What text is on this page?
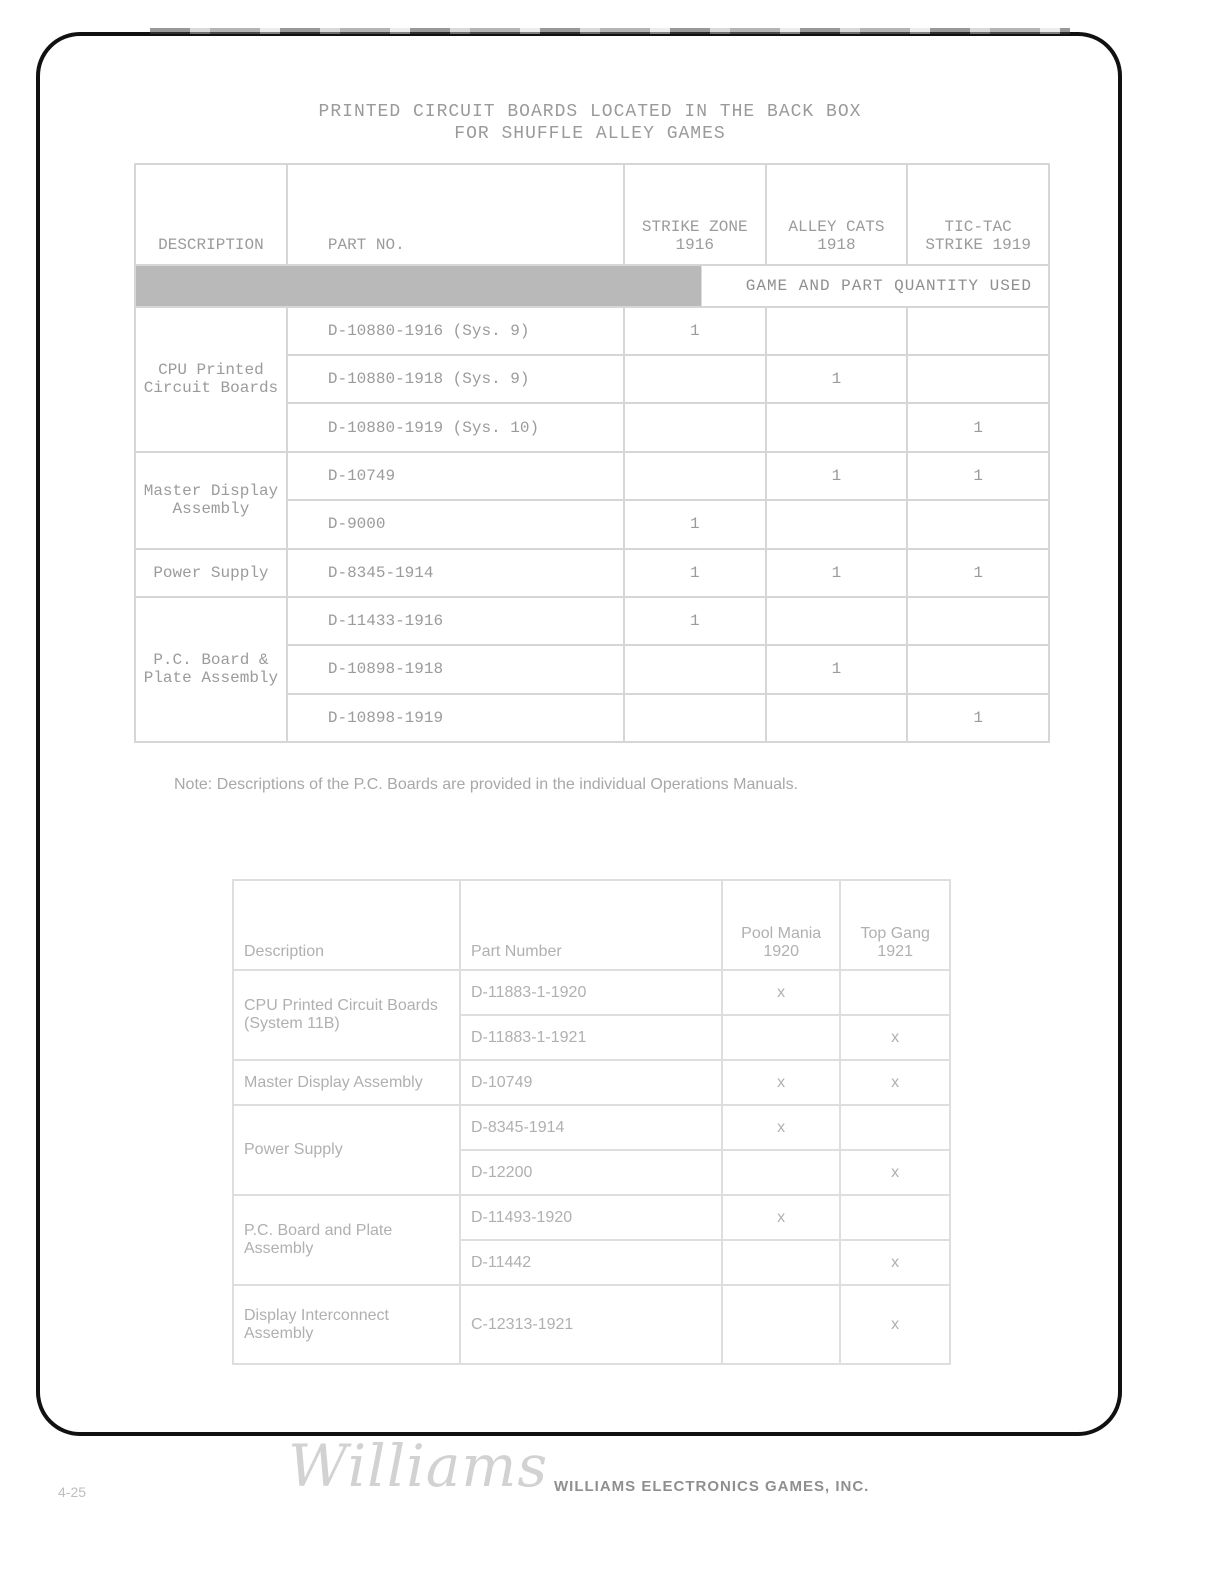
PRINTED CIRCUIT BOARDS LOCATED IN THE BACK BOX

FOR SHUFFLE ALLEY GAMES

DESCRIPTION	PART NO.	STRIKE ZONE 1916	ALLEY CATS 1918	TIC-TAC STRIKE 1919
GAME AND PART QUANTITY USED				
CPU Printed Circuit Boards	D-10880-1916 (Sys. 9)	1		
	D-10880-1918 (Sys. 9)		1	
	D-10880-1919 (Sys. 10)			1
Master Display Assembly	D-10749		1	1
	D-9000	1		
Power Supply	D-8345-1914	1	1	1
P.C. Board & Plate Assembly	D-11433-1916	1		
	D-10898-1918		1	
	D-10898-1919			1

Note: Descriptions of the P.C. Boards are provided in the individual Operations Manuals.

Description	Part Number	Pool Mania 1920	Top Gang 1921
CPU Printed Circuit Boards (System 11B)	D-11883-1-1920	x	
	D-11883-1-1921		x
Master Display Assembly	D-10749	x	x
Power Supply	D-8345-1914	x	
	D-12200		x
P.C. Board and Plate Assembly	D-11493-1920	x	
	D-11442		x
Display Interconnect Assembly	C-12313-1921		x

4-25	Williams WILLIAMS ELECTRONICS GAMES, INC.
